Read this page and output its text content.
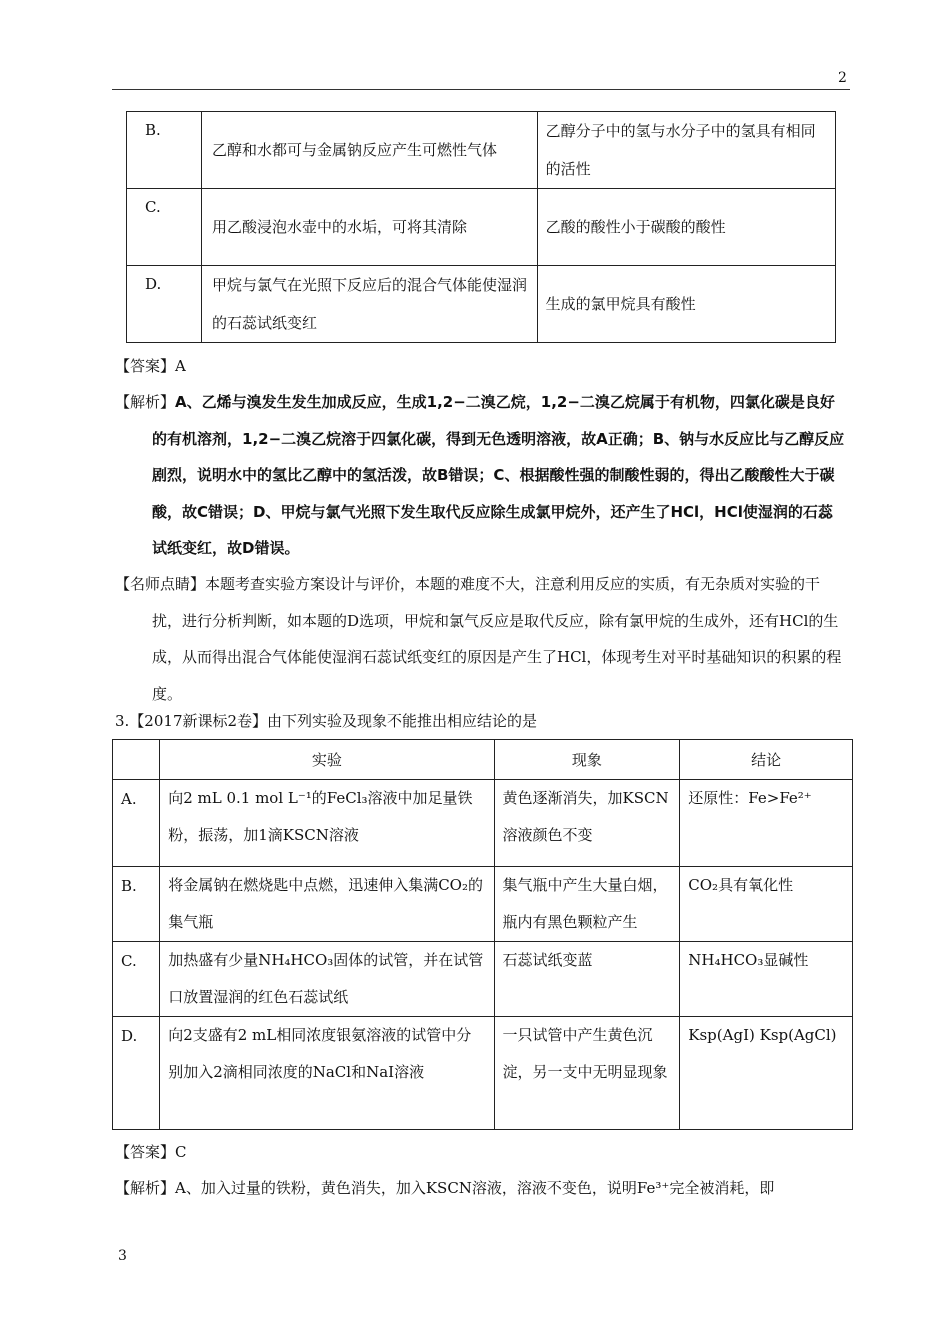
2
B.	乙醇和水都可与金属钠反应产生可燃性气体	乙醇分子中的氢与水分子中的氢具有相同的活性
C.	用乙酸浸泡水壶中的水垢，可将其清除	乙酸的酸性小于碳酸的酸性
D.	甲烷与氯气在光照下反应后的混合气体能使湿润的石蕊试纸变红	生成的氯甲烷具有酸性

【答案】A

【解析】A、乙烯与溴发生发生加成反应，生成1,2−二溴乙烷，1,2−二溴乙烷属于有机物，四氯化碳是良好的有机溶剂，1,2−二溴乙烷溶于四氯化碳，得到无色透明溶液，故A正确；B、钠与水反应比与乙醇反应剧烈，说明水中的氢比乙醇中的氢活泼，故B错误；C、根据酸性强的制酸性弱的，得出乙酸酸性大于碳酸，故C错误；D、甲烷与氯气光照下发生取代反应除生成氯甲烷外，还产生了HCl，HCl使湿润的石蕊试纸变红，故D错误。

【名师点睛】本题考查实验方案设计与评价，本题的难度不大，注意利用反应的实质，有无杂质对实验的干扰，进行分析判断，如本题的D选项，甲烷和氯气反应是取代反应，除有氯甲烷的生成外，还有HCl的生成，从而得出混合气体能使湿润石蕊试纸变红的原因是产生了HCl，体现考生对平时基础知识的积累的程度。

3.【2017新课标2卷】由下列实验及现象不能推出相应结论的是

	实验	现象	结论
A.	向2 mL 0.1 mol L⁻¹的FeCl₃溶液中加足量铁粉，振荡，加1滴KSCN溶液	黄色逐渐消失，加KSCN溶液颜色不变	还原性：Fe>Fe²⁺
B.	将金属钠在燃烧匙中点燃，迅速伸入集满CO₂的集气瓶	集气瓶中产生大量白烟，瓶内有黑色颗粒产生	CO₂具有氧化性
C.	加热盛有少量NH₄HCO₃固体的试管，并在试管口放置湿润的红色石蕊试纸	石蕊试纸变蓝	NH₄HCO₃显碱性
D.	向2支盛有2 mL相同浓度银氨溶液的试管中分别加入2滴相同浓度的NaCl和NaI溶液	一只试管中产生黄色沉淀，另一支中无明显现象	Ksp(AgI) Ksp(AgCl)

【答案】C

【解析】A、加入过量的铁粉，黄色消失，加入KSCN溶液，溶液不变色，说明Fe³⁺完全被消耗，即

3
